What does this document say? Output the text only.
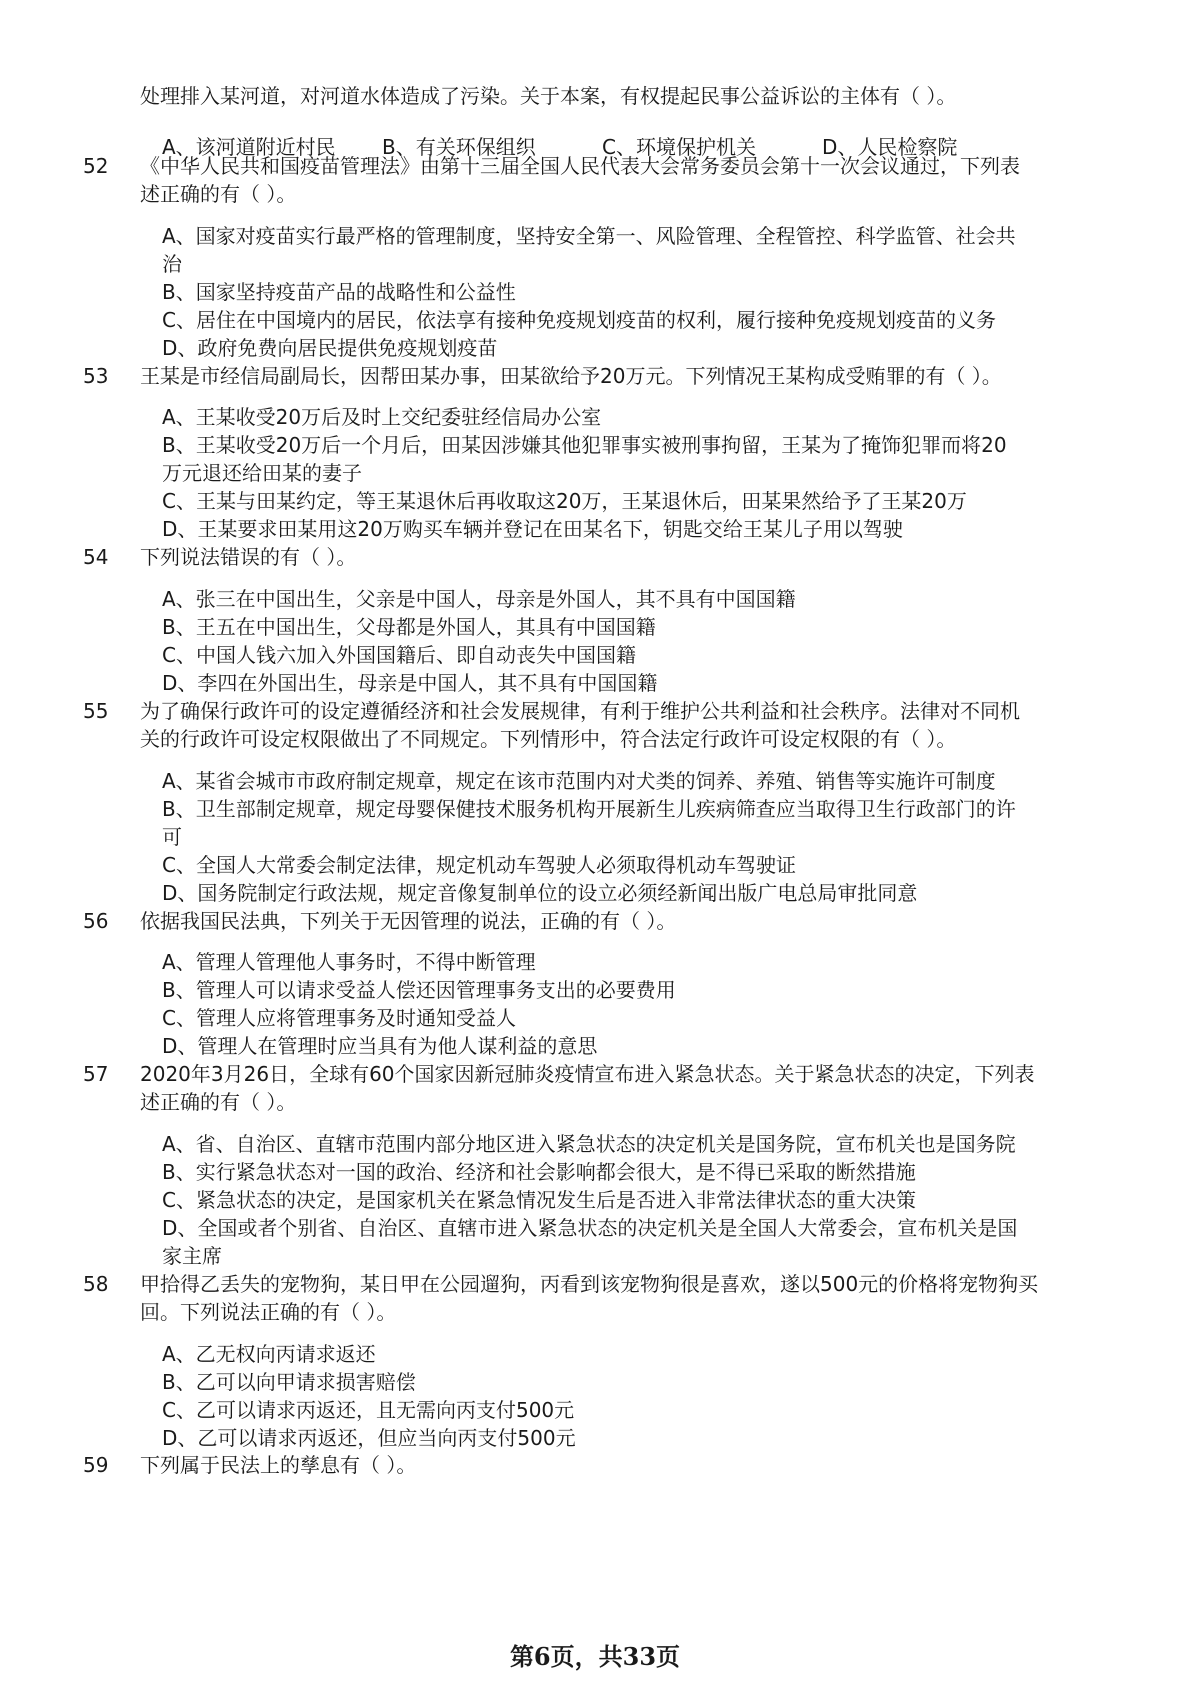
处理排入某河道，对河道水体造成了污染。关于本案，有权提起民事公益诉讼的主体有（ ）。
A、该河道附近村民 B、有关环保组织	C、环境保护机关	D、人民检察院
52 《中华人民共和国疫苗管理法》由第十三届全国人民代表大会常务委员会第十一次会议通过，下列表
述正确的有（ ）。
A、国家对疫苗实行最严格的管理制度，坚持安全第一、风险管理、全程管控、科学监管、社会共
治
B、国家坚持疫苗产品的战略性和公益性
C、居住在中国境内的居民，依法享有接种免疫规划疫苗的权利，履行接种免疫规划疫苗的义务
D、政府免费向居民提供免疫规划疫苗
53 王某是市经信局副局长，因帮田某办事，田某欲给予20万元。下列情况王某构成受贿罪的有（ ）。
A、王某收受20万后及时上交纪委驻经信局办公室
B、王某收受20万后一个月后，田某因涉嫌其他犯罪事实被刑事拘留，王某为了掩饰犯罪而将20
万元退还给田某的妻子
C、王某与田某约定，等王某退休后再收取这20万，王某退休后，田某果然给予了王某20万
D、王某要求田某用这20万购买车辆并登记在田某名下，钥匙交给王某儿子用以驾驶
54 下列说法错误的有（ ）。
A、张三在中国出生，父亲是中国人，母亲是外国人，其不具有中国国籍
B、王五在中国出生，父母都是外国人，其具有中国国籍
C、中国人钱六加入外国国籍后、即自动丧失中国国籍
D、李四在外国出生，母亲是中国人，其不具有中国国籍
55 为了确保行政许可的设定遵循经济和社会发展规律，有利于维护公共利益和社会秩序。法律对不同机
关的行政许可设定权限做出了不同规定。下列情形中，符合法定行政许可设定权限的有（ ）。
A、某省会城市市政府制定规章，规定在该市范围内对犬类的饲养、养殖、销售等实施许可制度
B、卫生部制定规章，规定母婴保健技术服务机构开展新生儿疾病筛查应当取得卫生行政部门的许
可
C、全国人大常委会制定法律，规定机动车驾驶人必须取得机动车驾驶证
D、国务院制定行政法规，规定音像复制单位的设立必须经新闻出版广电总局审批同意
56 依据我国民法典，下列关于无因管理的说法，正确的有（ ）。
A、管理人管理他人事务时，不得中断管理
B、管理人可以请求受益人偿还因管理事务支出的必要费用
C、管理人应将管理事务及时通知受益人
D、管理人在管理时应当具有为他人谋利益的意思
57 2020年3月26日，全球有60个国家因新冠肺炎疫情宣布进入紧急状态。关于紧急状态的决定，下列表
述正确的有（ ）。
A、省、自治区、直辖市范围内部分地区进入紧急状态的决定机关是国务院，宣布机关也是国务院
B、实行紧急状态对一国的政治、经济和社会影响都会很大，是不得已采取的断然措施
C、紧急状态的决定，是国家机关在紧急情况发生后是否进入非常法律状态的重大决策
D、全国或者个别省、自治区、直辖市进入紧急状态的决定机关是全国人大常委会，宣布机关是国
家主席
58 甲拾得乙丢失的宠物狗，某日甲在公园遛狗，丙看到该宠物狗很是喜欢，遂以500元的价格将宠物狗买
回。下列说法正确的有（ ）。
A、乙无权向丙请求返还
B、乙可以向甲请求损害赔偿
C、乙可以请求丙返还，且无需向丙支付500元
D、乙可以请求丙返还，但应当向丙支付500元
59 下列属于民法上的孳息有（ ）。
第6页，共33页
